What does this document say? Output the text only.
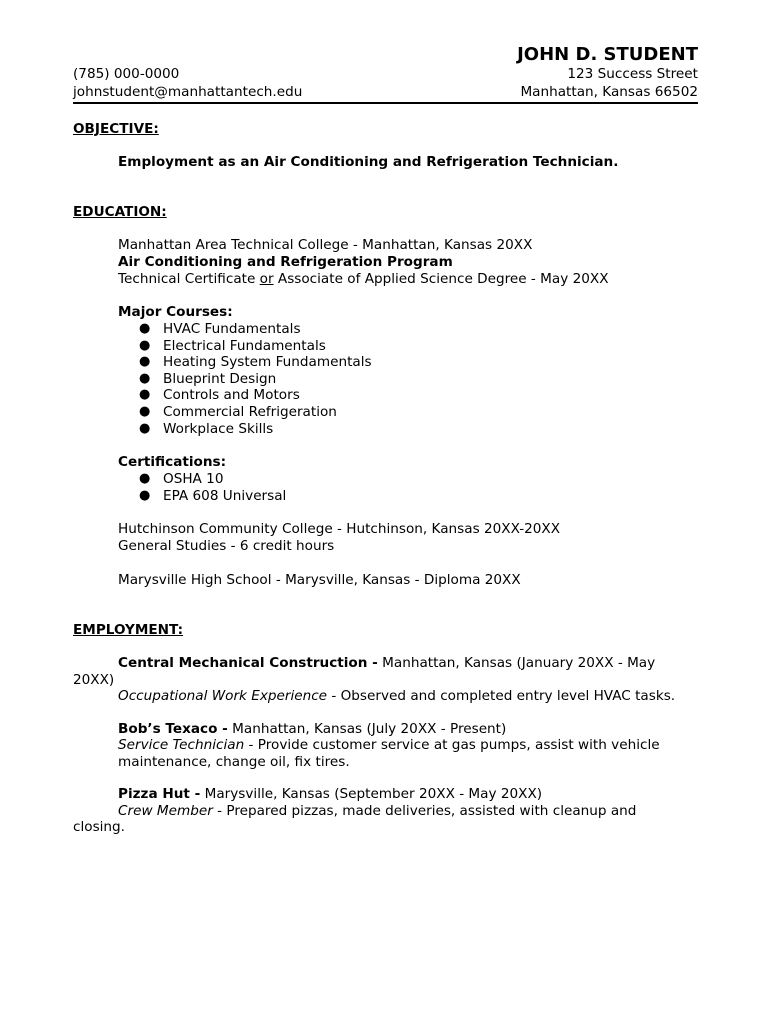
JOHN D. STUDENT
(785) 000-0000	123 Success Street
johnstudent@manhattantech.edu	Manhattan, Kansas 66502
OBJECTIVE:
Employment as an Air Conditioning and Refrigeration Technician.
EDUCATION:
Manhattan Area Technical College - Manhattan, Kansas 20XX
Air Conditioning and Refrigeration Program
Technical Certificate or Associate of Applied Science Degree - May 20XX
Major Courses:
● HVAC Fundamentals
● Electrical Fundamentals
● Heating System Fundamentals
● Blueprint Design
● Controls and Motors
● Commercial Refrigeration
● Workplace Skills
Certifications:
● OSHA 10
● EPA 608 Universal
Hutchinson Community College - Hutchinson, Kansas 20XX-20XX
General Studies - 6 credit hours
Marysville High School - Marysville, Kansas - Diploma 20XX
EMPLOYMENT:
Central Mechanical Construction - Manhattan, Kansas (January 20XX - May
20XX)
Occupational Work Experience - Observed and completed entry level HVAC tasks.
Bob’s Texaco - Manhattan, Kansas (July 20XX - Present)
Service Technician - Provide customer service at gas pumps, assist with vehicle
maintenance, change oil, fix tires.
Pizza Hut - Marysville, Kansas (September 20XX - May 20XX)
Crew Member - Prepared pizzas, made deliveries, assisted with cleanup and
closing.
